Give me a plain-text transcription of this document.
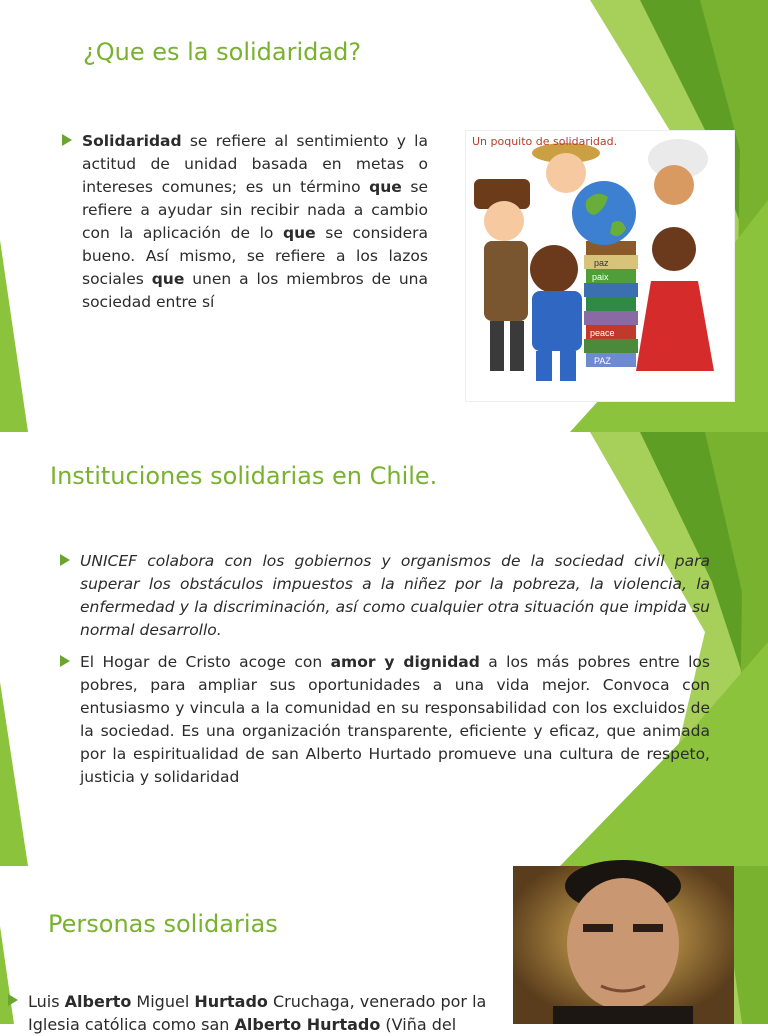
¿Que es la solidaridad?

Solidaridad se refiere al sentimiento y la actitud de unidad basada en metas o intereses comunes; es un término que se refiere a ayudar sin recibir nada a cambio con la aplicación de lo que se considera bueno. Así mismo, se refiere a los lazos sociales que unen a los miembros de una sociedad entre sí

Un poquito de solidaridad.
paz
paix
peace
PAZ
Instituciones solidarias en Chile.

UNICEF colabora con los gobiernos y organismos de la sociedad civil para superar los obstáculos impuestos a la niñez por la pobreza, la violencia, la enfermedad y la discriminación, así como cualquier otra situación que impida su normal desarrollo.

El Hogar de Cristo acoge con amor y dignidad a los más pobres entre los pobres, para ampliar sus oportunidades a una vida mejor. Convoca con entusiasmo y vincula a la comunidad en su responsabilidad con los excluidos de la sociedad. Es una organización transparente, eficiente y eficaz, que animada por la espiritualidad de san Alberto Hurtado promueve una cultura de respeto, justicia y solidaridad

Personas solidarias

Luis Alberto Miguel Hurtado Cruchaga, venerado por la Iglesia católica como san Alberto Hurtado (Viña del
